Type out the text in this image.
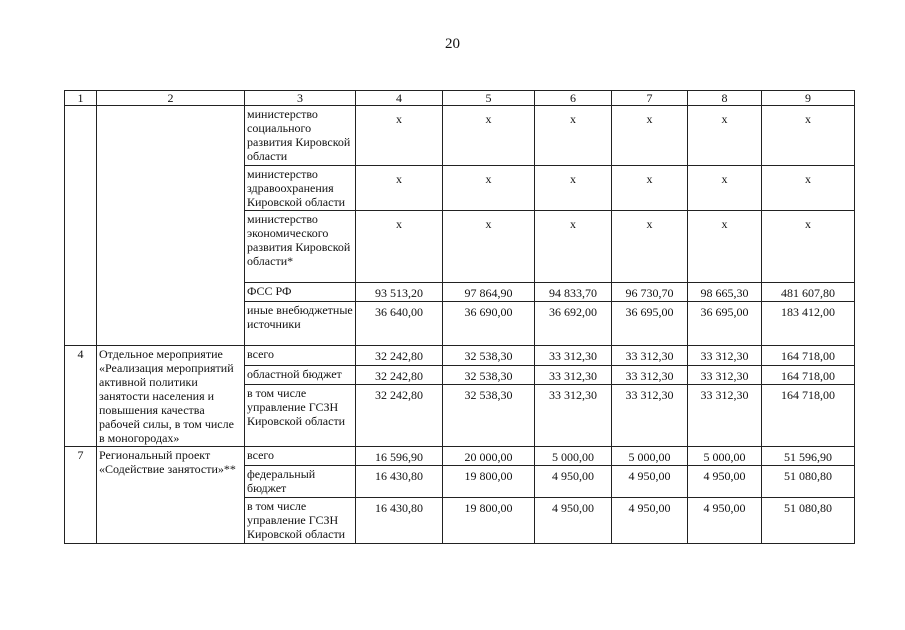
20
1	2	3	4	5	6	7	8	9
		министерство социального развития Кировской области	x	x	x	x	x	x
		министерство здравоохранения Кировской области	x	x	x	x	x	x
		министерство экономического развития Кировской области*	x	x	x	x	x	x
		ФСС РФ	93 513,20	97 864,90	94 833,70	96 730,70	98 665,30	481 607,80
		иные внебюджетные источники	36 640,00	36 690,00	36 692,00	36 695,00	36 695,00	183 412,00
4	Отдельное мероприятие «Реализация мероприятий активной политики занятости населения и повышения качества рабочей силы, в том числе в моногородах»	всего	32 242,80	32 538,30	33 312,30	33 312,30	33 312,30	164 718,00
		областной бюджет	32 242,80	32 538,30	33 312,30	33 312,30	33 312,30	164 718,00
		в том числе управление ГСЗН Кировской области	32 242,80	32 538,30	33 312,30	33 312,30	33 312,30	164 718,00
7	Региональный проект «Содействие занятости»**	всего	16 596,90	20 000,00	5 000,00	5 000,00	5 000,00	51 596,90
		федеральный бюджет	16 430,80	19 800,00	4 950,00	4 950,00	4 950,00	51 080,80
		в том числе управление ГСЗН Кировской области	16 430,80	19 800,00	4 950,00	4 950,00	4 950,00	51 080,80
